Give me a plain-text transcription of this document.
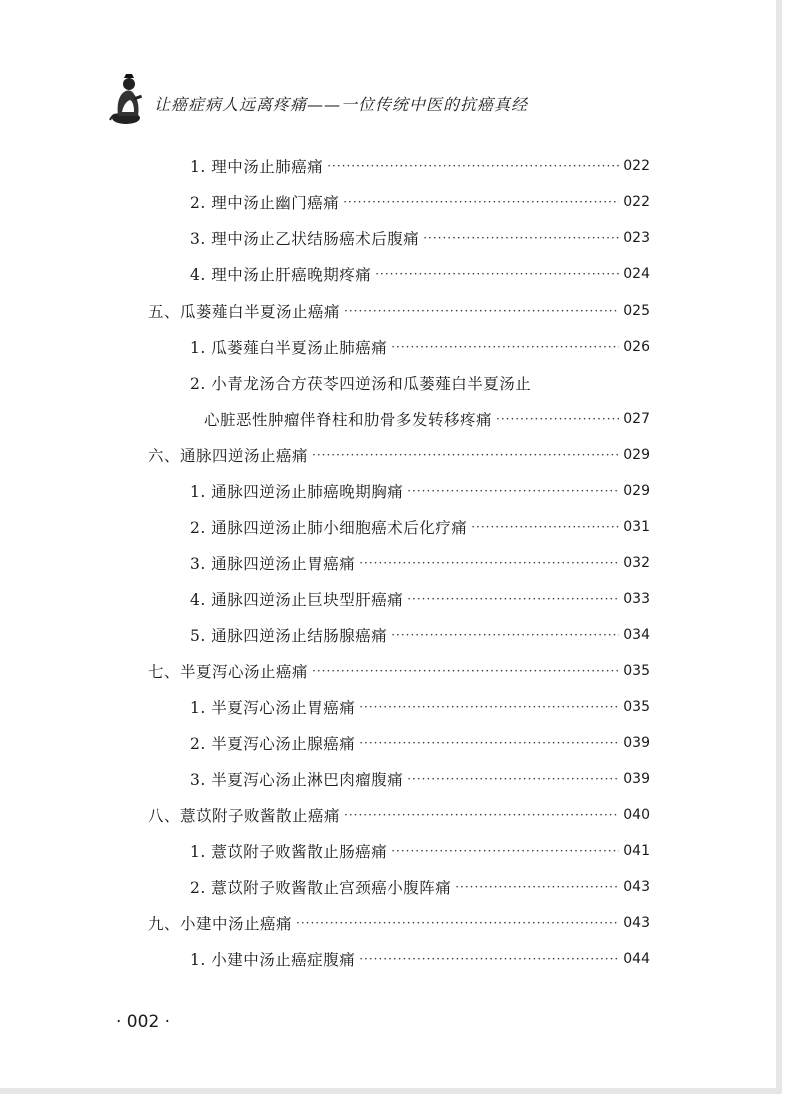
让癌症病人远离疼痛——一位传统中医的抗癌真经
1. 理中汤止肺癌痛 ·····	022
2. 理中汤止幽门癌痛 ·····	022
3. 理中汤止乙状结肠癌术后腹痛 ·····	023
4. 理中汤止肝癌晚期疼痛 ·····	024
五、瓜蒌薤白半夏汤止癌痛 ·····	025
1. 瓜蒌薤白半夏汤止肺癌痛 ·····	026
2. 小青龙汤合方茯苓四逆汤和瓜蒌薤白半夏汤止
心脏恶性肿瘤伴脊柱和肋骨多发转移疼痛 ·····	027
六、通脉四逆汤止癌痛 ·····	029
1. 通脉四逆汤止肺癌晚期胸痛 ·····	029
2. 通脉四逆汤止肺小细胞癌术后化疗痛 ·····	031
3. 通脉四逆汤止胃癌痛 ·····	032
4. 通脉四逆汤止巨块型肝癌痛 ·····	033
5. 通脉四逆汤止结肠腺癌痛 ·····	034
七、半夏泻心汤止癌痛 ·····	035
1. 半夏泻心汤止胃癌痛 ·····	035
2. 半夏泻心汤止腺癌痛 ·····	039
3. 半夏泻心汤止淋巴肉瘤腹痛 ·····	039
八、薏苡附子败酱散止癌痛 ·····	040
1. 薏苡附子败酱散止肠癌痛 ·····	041
2. 薏苡附子败酱散止宫颈癌小腹阵痛 ·····	043
九、小建中汤止癌痛 ·····	043
1. 小建中汤止癌症腹痛 ·····	044
· 002 ·
